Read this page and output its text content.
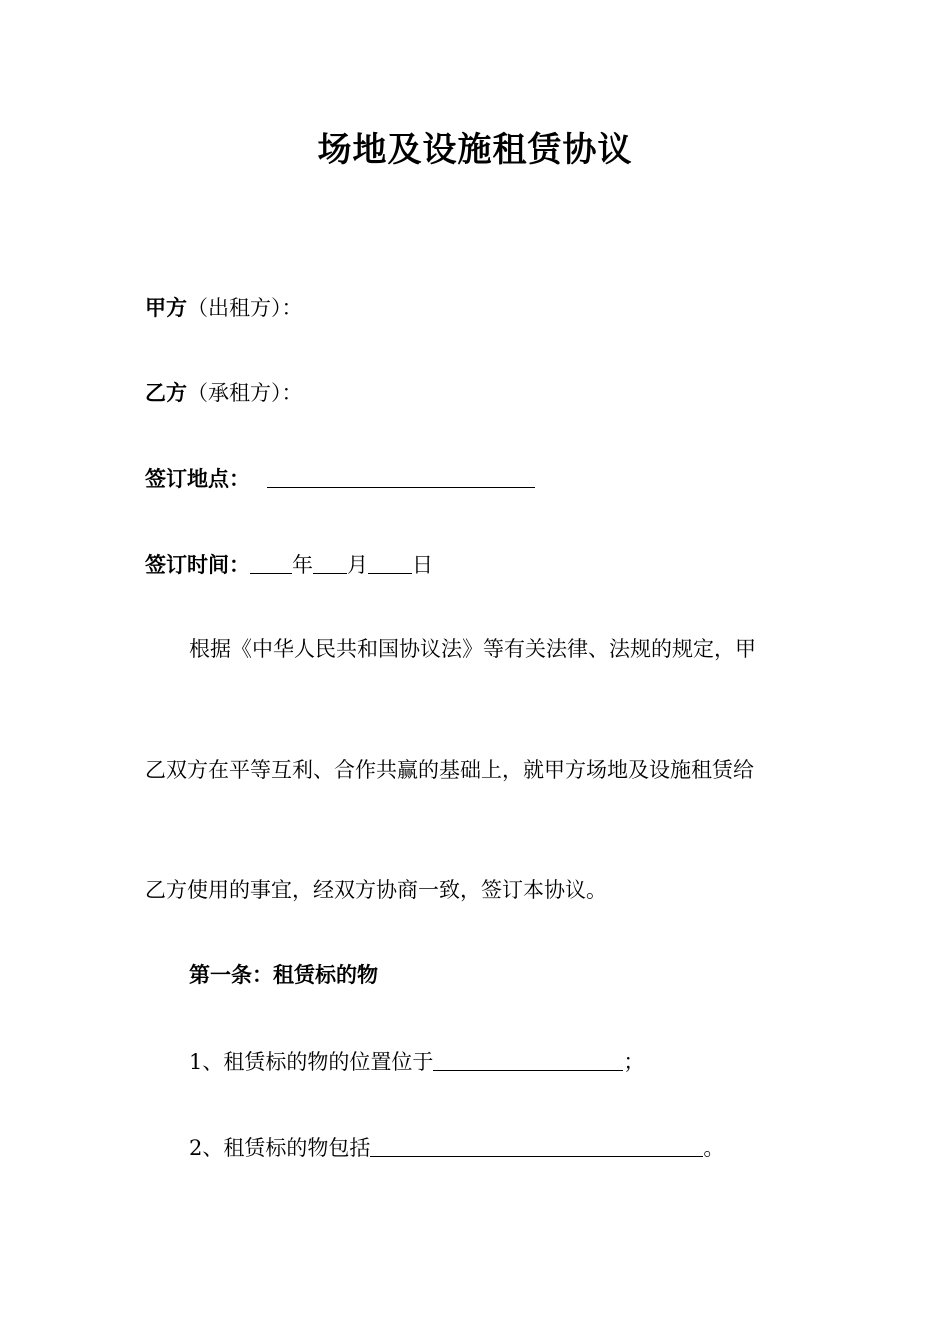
场地及设施租赁协议
甲方（出租方）：
乙方（承租方）：
签订地点：
签订时间： 年 月 日
根据《中华人民共和国协议法》等有关法律、法规的规定，甲
乙双方在平等互利、合作共赢的基础上，就甲方场地及设施租赁给
乙方使用的事宜，经双方协商一致，签订本协议。
第一条：租赁标的物
1、租赁标的物的位置位于	；
2、租赁标的物包括	。
